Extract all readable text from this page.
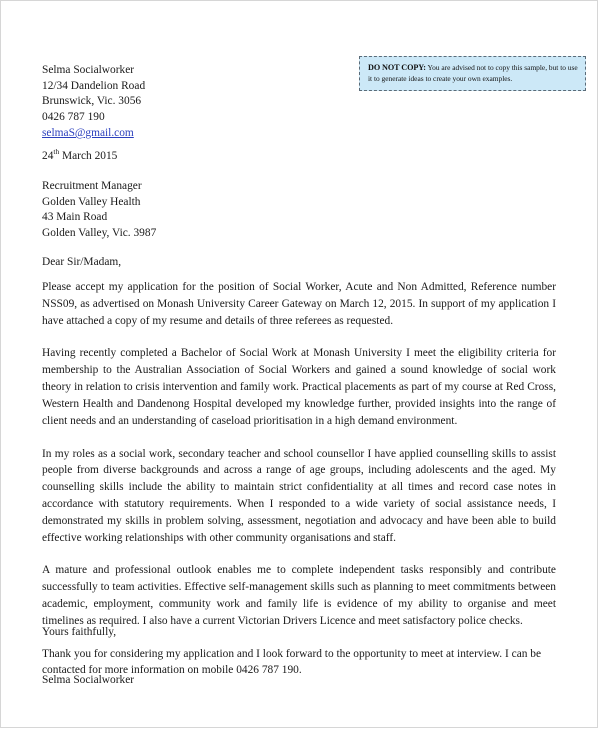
DO NOT COPY: You are advised not to copy this sample, but to use it to generate ideas to create your own examples.
Selma Socialworker
12/34 Dandelion Road
Brunswick, Vic. 3056
0426 787 190
selmaS@gmail.com
24th March 2015
Recruitment Manager
Golden Valley Health
43 Main Road
Golden Valley, Vic. 3987
Dear Sir/Madam,

Please accept my application for the position of Social Worker, Acute and Non Admitted, Reference number NSS09, as advertised on Monash University Career Gateway on March 12, 2015. In support of my application I have attached a copy of my resume and details of three referees as requested.

Having recently completed a Bachelor of Social Work at Monash University I meet the eligibility criteria for membership to the Australian Association of Social Workers and gained a sound knowledge of social work theory in relation to crisis intervention and family work. Practical placements as part of my course at Red Cross, Western Health and Dandenong Hospital developed my knowledge further, provided insights into the range of client needs and an understanding of caseload prioritisation in a high demand environment.

In my roles as a social work, secondary teacher and school counsellor I have applied counselling skills to assist people from diverse backgrounds and across a range of age groups, including adolescents and the aged. My counselling skills include the ability to maintain strict confidentiality at all times and record case notes in accordance with statutory requirements. When I responded to a wide variety of social assistance needs, I demonstrated my skills in problem solving, assessment, negotiation and advocacy and have been able to build effective working relationships with other community organisations and staff.

A mature and professional outlook enables me to complete independent tasks responsibly and contribute successfully to team activities. Effective self-management skills such as planning to meet commitments between academic, employment, community work and family life is evidence of my ability to organise and meet timelines as required. I also have a current Victorian Drivers Licence and meet satisfactory police checks.

Thank you for considering my application and I look forward to the opportunity to meet at interview. I can be contacted for more information on mobile 0426 787 190.

Yours faithfully,
Selma Socialworker
